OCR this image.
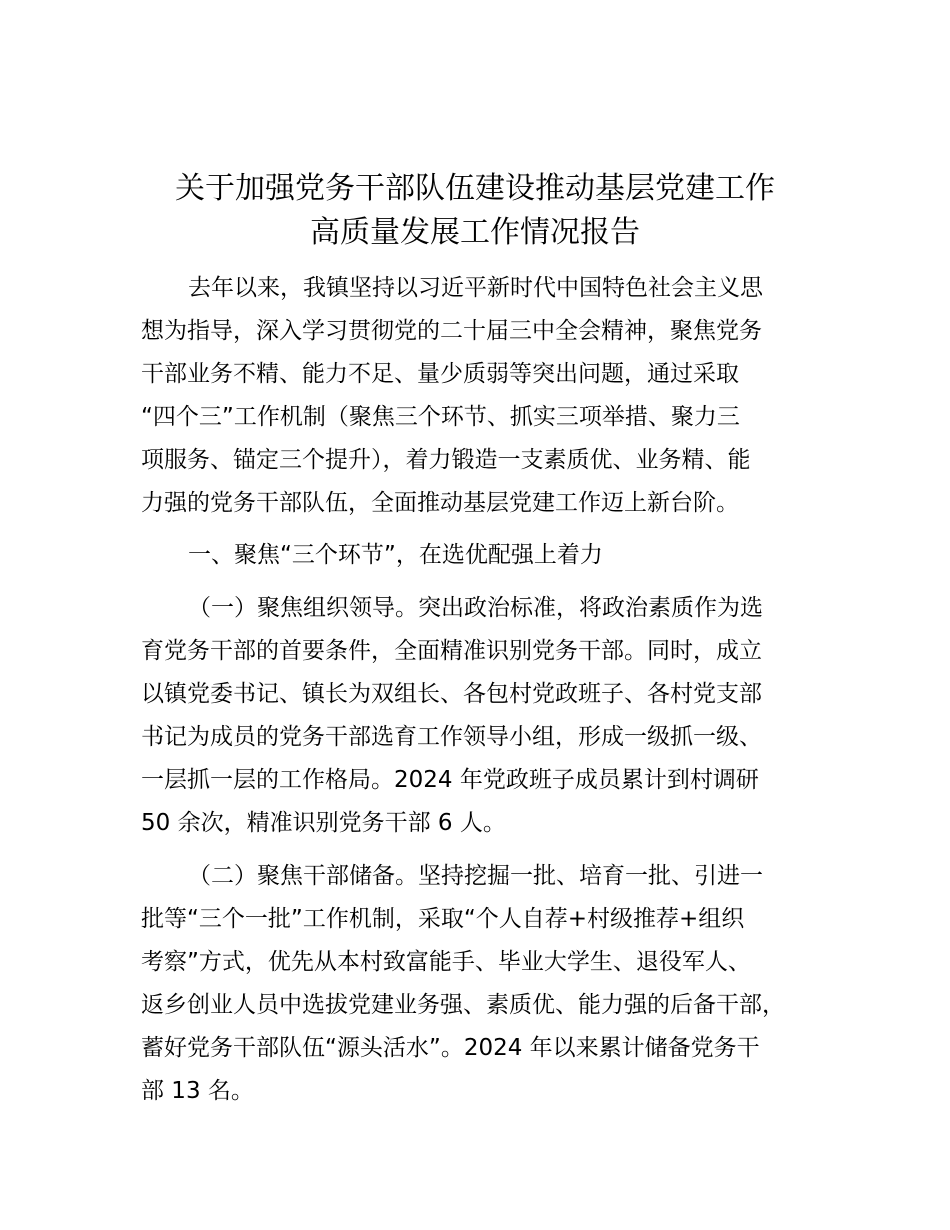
关于加强党务干部队伍建设推动基层党建工作
高质量发展工作情况报告

去年以来，我镇坚持以习近平新时代中国特色社会主义思

想为指导，深入学习贯彻党的二十届三中全会精神，聚焦党务

干部业务不精、能力不足、量少质弱等突出问题，通过采取

“四个三”工作机制（聚焦三个环节、抓实三项举措、聚力三

项服务、锚定三个提升），着力锻造一支素质优、业务精、能

力强的党务干部队伍，全面推动基层党建工作迈上新台阶。

一、聚焦“三个环节”，在选优配强上着力

（一）聚焦组织领导。突出政治标准，将政治素质作为选

育党务干部的首要条件，全面精准识别党务干部。同时，成立

以镇党委书记、镇长为双组长、各包村党政班子、各村党支部

书记为成员的党务干部选育工作领导小组，形成一级抓一级、

一层抓一层的工作格局。2024 年党政班子成员累计到村调研

50 余次，精准识别党务干部 6 人。

（二）聚焦干部储备。坚持挖掘一批、培育一批、引进一

批等“三个一批”工作机制，采取“个人自荐+村级推荐+组织

考察”方式，优先从本村致富能手、毕业大学生、退役军人、

返乡创业人员中选拔党建业务强、素质优、能力强的后备干部，

蓄好党务干部队伍“源头活水”。2024 年以来累计储备党务干

部 13 名。
